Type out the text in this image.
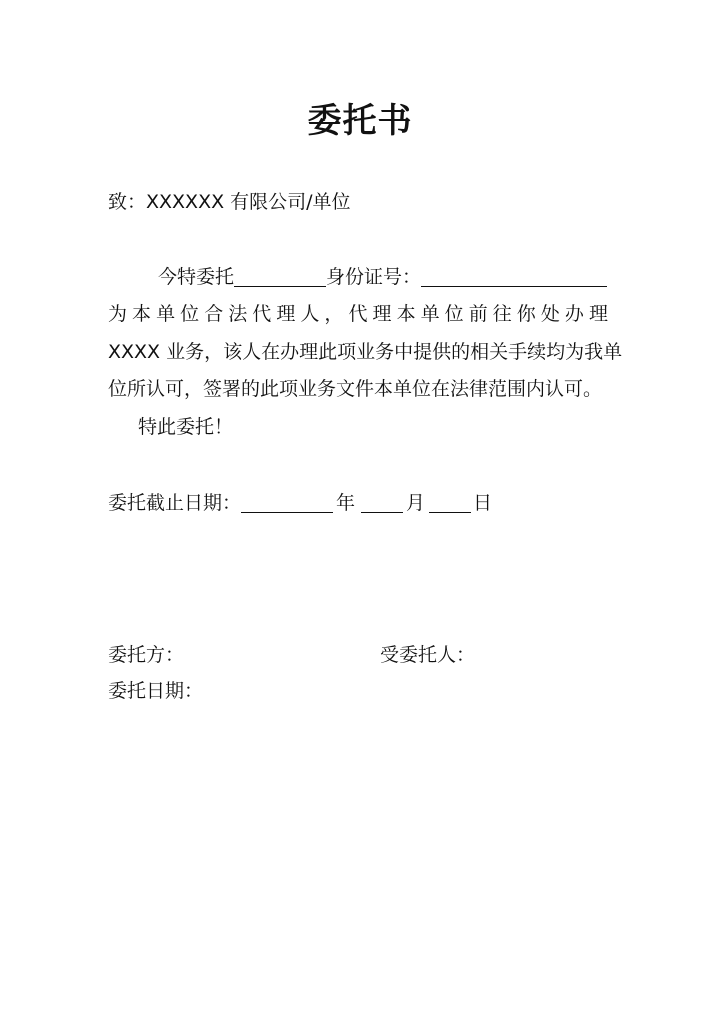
委托书
致：XXXXXX 有限公司/单位
今特委托	身份证号：
为 本 单 位 合 法 代 理 人 ， 代 理 本 单 位 前 往 你 处 办 理
XXXX 业务，该人在办理此项业务中提供的相关手续均为我单
位所认可，签署的此项业务文件本单位在法律范围内认可。
特此委托！
委托截止日期：	年	月	日
委托方：	受委托人：
委托日期：
